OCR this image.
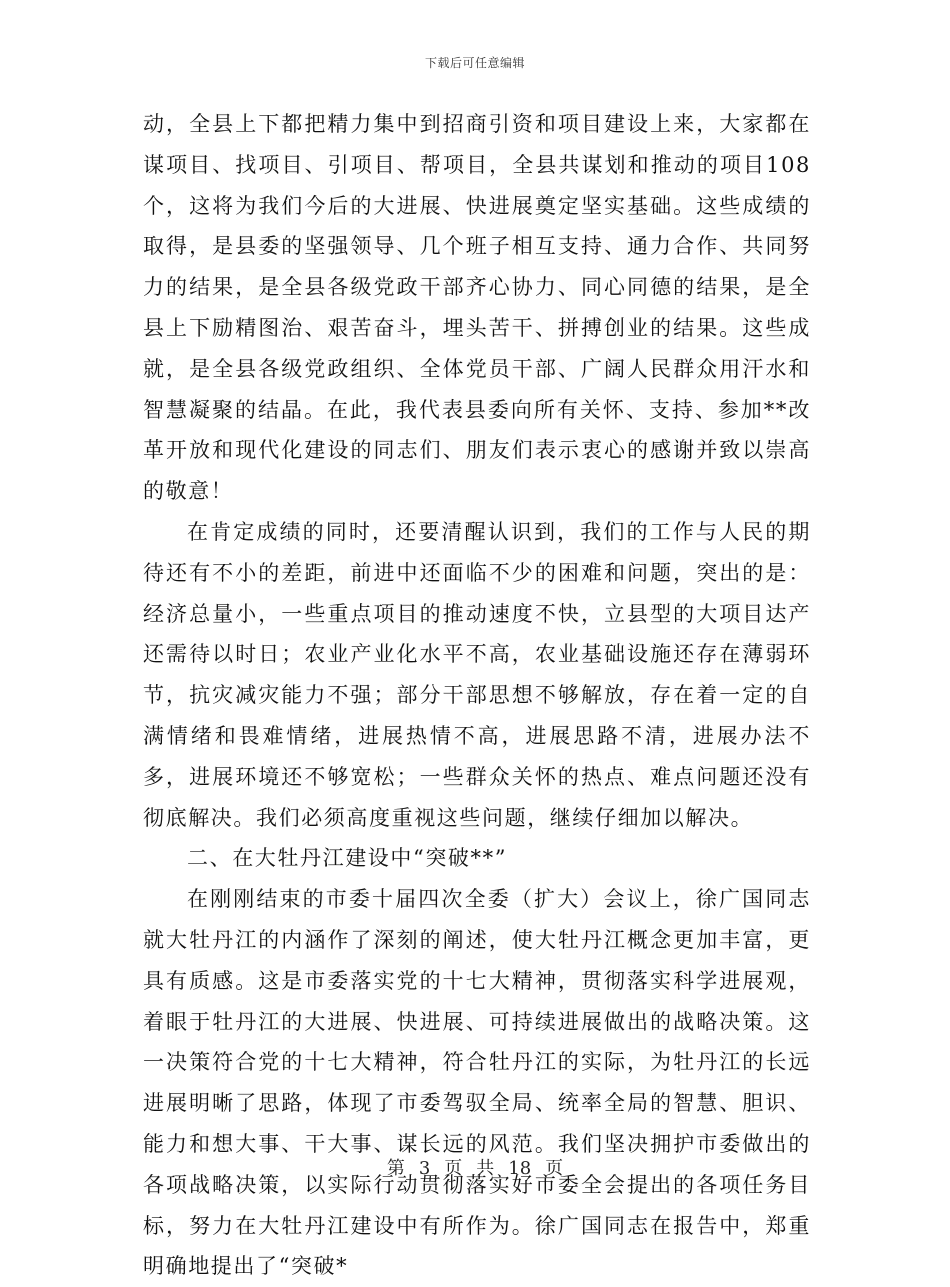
下载后可任意编辑

动，全县上下都把精力集中到招商引资和项目建设上来，大家都在谋项目、找项目、引项目、帮项目，全县共谋划和推动的项目108个，这将为我们今后的大进展、快进展奠定坚实基础。这些成绩的取得，是县委的坚强领导、几个班子相互支持、通力合作、共同努力的结果，是全县各级党政干部齐心协力、同心同德的结果，是全县上下励精图治、艰苦奋斗，埋头苦干、拼搏创业的结果。这些成就，是全县各级党政组织、全体党员干部、广阔人民群众用汗水和智慧凝聚的结晶。在此，我代表县委向所有关怀、支持、参加**改革开放和现代化建设的同志们、朋友们表示衷心的感谢并致以崇高的敬意！

在肯定成绩的同时，还要清醒认识到，我们的工作与人民的期待还有不小的差距，前进中还面临不少的困难和问题，突出的是：经济总量小，一些重点项目的推动速度不快，立县型的大项目达产还需待以时日；农业产业化水平不高，农业基础设施还存在薄弱环节，抗灾减灾能力不强；部分干部思想不够解放，存在着一定的自满情绪和畏难情绪，进展热情不高，进展思路不清，进展办法不多，进展环境还不够宽松；一些群众关怀的热点、难点问题还没有彻底解决。我们必须高度重视这些问题，继续仔细加以解决。

二、在大牡丹江建设中“突破**”

在刚刚结束的市委十届四次全委（扩大）会议上，徐广国同志就大牡丹江的内涵作了深刻的阐述，使大牡丹江概念更加丰富，更具有质感。这是市委落实党的十七大精神，贯彻落实科学进展观，着眼于牡丹江的大进展、快进展、可持续进展做出的战略决策。这一决策符合党的十七大精神，符合牡丹江的实际，为牡丹江的长远进展明晰了思路，体现了市委驾驭全局、统率全局的智慧、胆识、能力和想大事、干大事、谋长远的风范。我们坚决拥护市委做出的各项战略决策，以实际行动贯彻落实好市委全会提出的各项任务目标，努力在大牡丹江建设中有所作为。徐广国同志在报告中，郑重明确地提出了“突破*

第 3 页 共 18 页
